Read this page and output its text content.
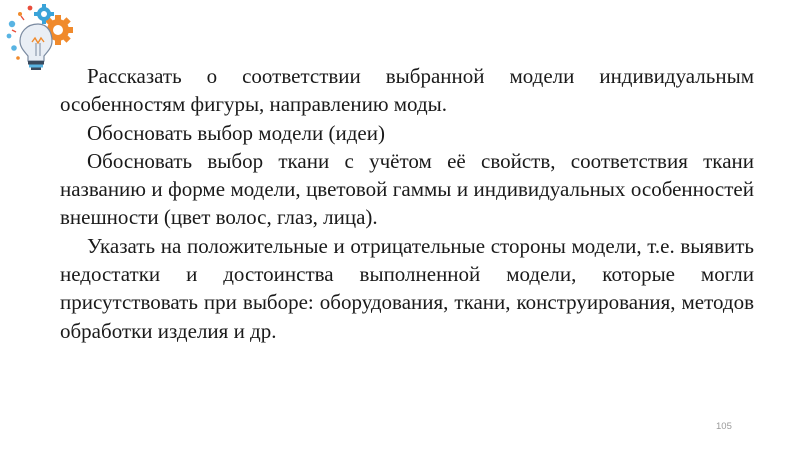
Рассказать о соответствии выбранной модели индивидуальным особенностям фигуры, направлению моды.

Обосновать выбор модели (идеи)

Обосновать выбор ткани с учётом её свойств, соответствия ткани названию и форме модели, цветовой гаммы и индивидуальных особенностей внешности (цвет волос, глаз, лица).

Указать на положительные и отрицательные стороны модели, т.е. выявить недостатки и достоинства выполненной модели, которые могли присутствовать при выборе: оборудования, ткани, конструирования, методов обработки изделия и др.

105
